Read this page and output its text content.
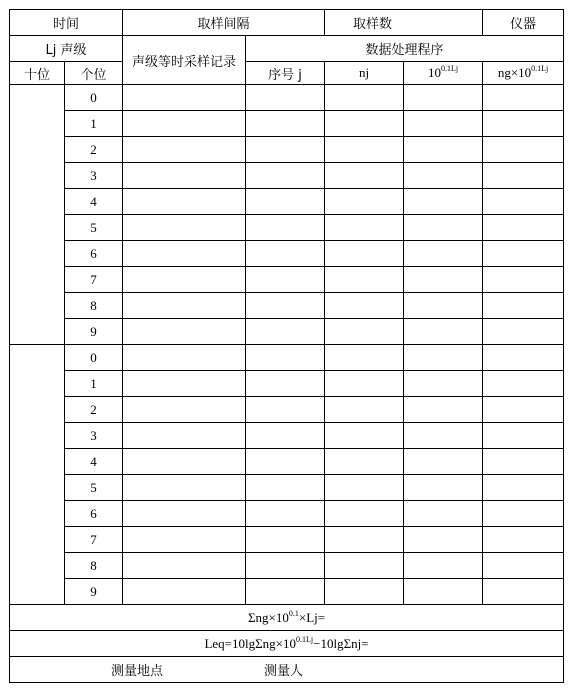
时间		取样间隔		取样数		仪器
Lj 声级		声级等时采样记录	数据处理程序			
十位	个位		序号 j	nj	$10^{0.1Lj}$	$ng\times 10^{0.1Lj}$
	0					
	1					
	2					
	3					
	4					
	5					
	6					
	7					
	8					
	9					
	0					
	1					
	2					
	3					
	4					
	5					
	6					
	7					
	8					
	9					
$\Sigma ng\times 10^{0.1}\times Lj=$						
$Leq=10\lg\Sigma ng\times 10^{0.1Lj}-10\lg\Sigma nj=$						

测量地点 测量人						
